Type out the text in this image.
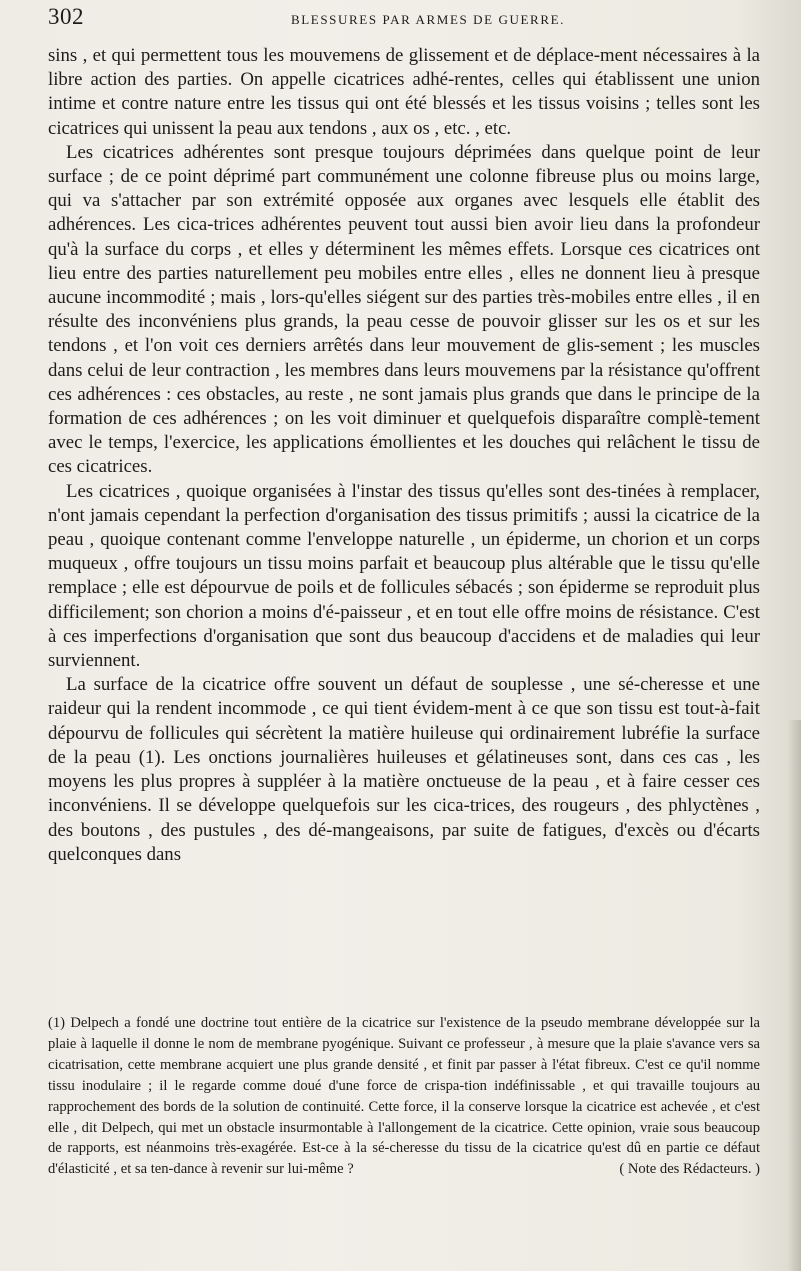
302	BLESSURES PAR ARMES DE GUERRE.

sins , et qui permettent tous les mouvemens de glissement et de déplace-ment nécessaires à la libre action des parties. On appelle cicatrices adhé-rentes, celles qui établissent une union intime et contre nature entre les tissus qui ont été blessés et les tissus voisins ; telles sont les cicatrices qui unissent la peau aux tendons , aux os , etc. , etc.

Les cicatrices adhérentes sont presque toujours déprimées dans quelque point de leur surface ; de ce point déprimé part communément une colonne fibreuse plus ou moins large, qui va s'attacher par son extrémité opposée aux organes avec lesquels elle établit des adhérences. Les cica-trices adhérentes peuvent tout aussi bien avoir lieu dans la profondeur qu'à la surface du corps , et elles y déterminent les mêmes effets. Lorsque ces cicatrices ont lieu entre des parties naturellement peu mobiles entre elles , elles ne donnent lieu à presque aucune incommodité ; mais , lors-qu'elles siégent sur des parties très-mobiles entre elles , il en résulte des inconvéniens plus grands, la peau cesse de pouvoir glisser sur les os et sur les tendons , et l'on voit ces derniers arrêtés dans leur mouvement de glis-sement ; les muscles dans celui de leur contraction , les membres dans leurs mouvemens par la résistance qu'offrent ces adhérences : ces obstacles, au reste , ne sont jamais plus grands que dans le principe de la formation de ces adhérences ; on les voit diminuer et quelquefois disparaître complè-tement avec le temps, l'exercice, les applications émollientes et les douches qui relâchent le tissu de ces cicatrices.

Les cicatrices , quoique organisées à l'instar des tissus qu'elles sont des-tinées à remplacer, n'ont jamais cependant la perfection d'organisation des tissus primitifs ; aussi la cicatrice de la peau , quoique contenant comme l'enveloppe naturelle , un épiderme, un chorion et un corps muqueux , offre toujours un tissu moins parfait et beaucoup plus altérable que le tissu qu'elle remplace ; elle est dépourvue de poils et de follicules sébacés ; son épiderme se reproduit plus difficilement; son chorion a moins d'é-paisseur , et en tout elle offre moins de résistance. C'est à ces imperfections d'organisation que sont dus beaucoup d'accidens et de maladies qui leur surviennent.

La surface de la cicatrice offre souvent un défaut de souplesse , une sé-cheresse et une raideur qui la rendent incommode , ce qui tient évidem-ment à ce que son tissu est tout-à-fait dépourvu de follicules qui sécrètent la matière huileuse qui ordinairement lubréfie la surface de la peau (1). Les onctions journalières huileuses et gélatineuses sont, dans ces cas , les moyens les plus propres à suppléer à la matière onctueuse de la peau , et à faire cesser ces inconvéniens. Il se développe quelquefois sur les cica-trices, des rougeurs , des phlyctènes , des boutons , des pustules , des dé-mangeaisons, par suite de fatigues, d'excès ou d'écarts quelconques dans

(1) Delpech a fondé une doctrine tout entière de la cicatrice sur l'existence de la pseudo membrane développée sur la plaie à laquelle il donne le nom de membrane pyogénique. Suivant ce professeur , à mesure que la plaie s'avance vers sa cicatrisation, cette membrane acquiert une plus grande densité , et finit par passer à l'état fibreux. C'est ce qu'il nomme tissu inodulaire ; il le regarde comme doué d'une force de crispa-tion indéfinissable , et qui travaille toujours au rapprochement des bords de la solution de continuité. Cette force, il la conserve lorsque la cicatrice est achevée , et c'est elle , dit Delpech, qui met un obstacle insurmontable à l'allongement de la cicatrice. Cette opinion, vraie sous beaucoup de rapports, est néanmoins très-exagérée. Est-ce à la sé-cheresse du tissu de la cicatrice qu'est dû en partie ce défaut d'élasticité , et sa ten-dance à revenir sur lui-même ?	( Note des Rédacteurs. )
